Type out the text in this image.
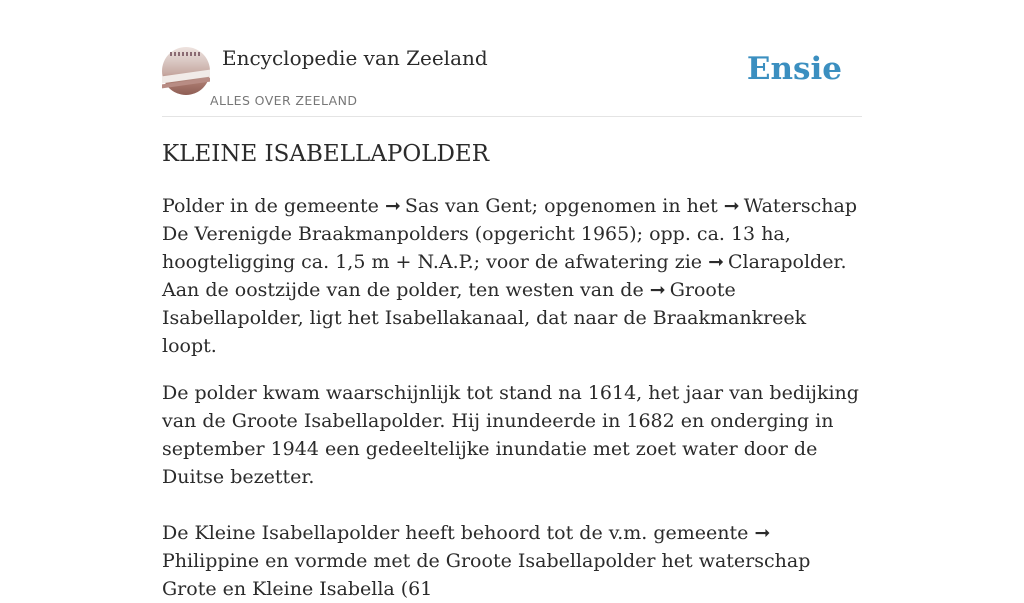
Encyclopedie van Zeeland
ALLES OVER ZEELAND
Ensie
KLEINE ISABELLAPOLDER

Polder in de gemeente ➞ Sas van Gent; opgenomen in het ➞ Waterschap De Verenigde Braakmanpolders (opgericht 1965); opp. ca. 13 ha, hoogteligging ca. 1,5 m + N.A.P.; voor de afwatering zie ➞ Clarapolder. Aan de oostzijde van de polder, ten westen van de ➞ Groote Isabellapolder, ligt het Isabellakanaal, dat naar de Braakmankreek loopt.

De polder kwam waarschijnlijk tot stand na 1614, het jaar van bedijking van de Groote Isabellapolder. Hij inundeerde in 1682 en onderging in september 1944 een gedeeltelijke inundatie met zoet water door de Duitse bezetter.

De Kleine Isabellapolder heeft behoord tot de v.m. gemeente ➞Philippine en vormde met de Groote Isabellapolder het waterschap Grote en Kleine Isabella (61
